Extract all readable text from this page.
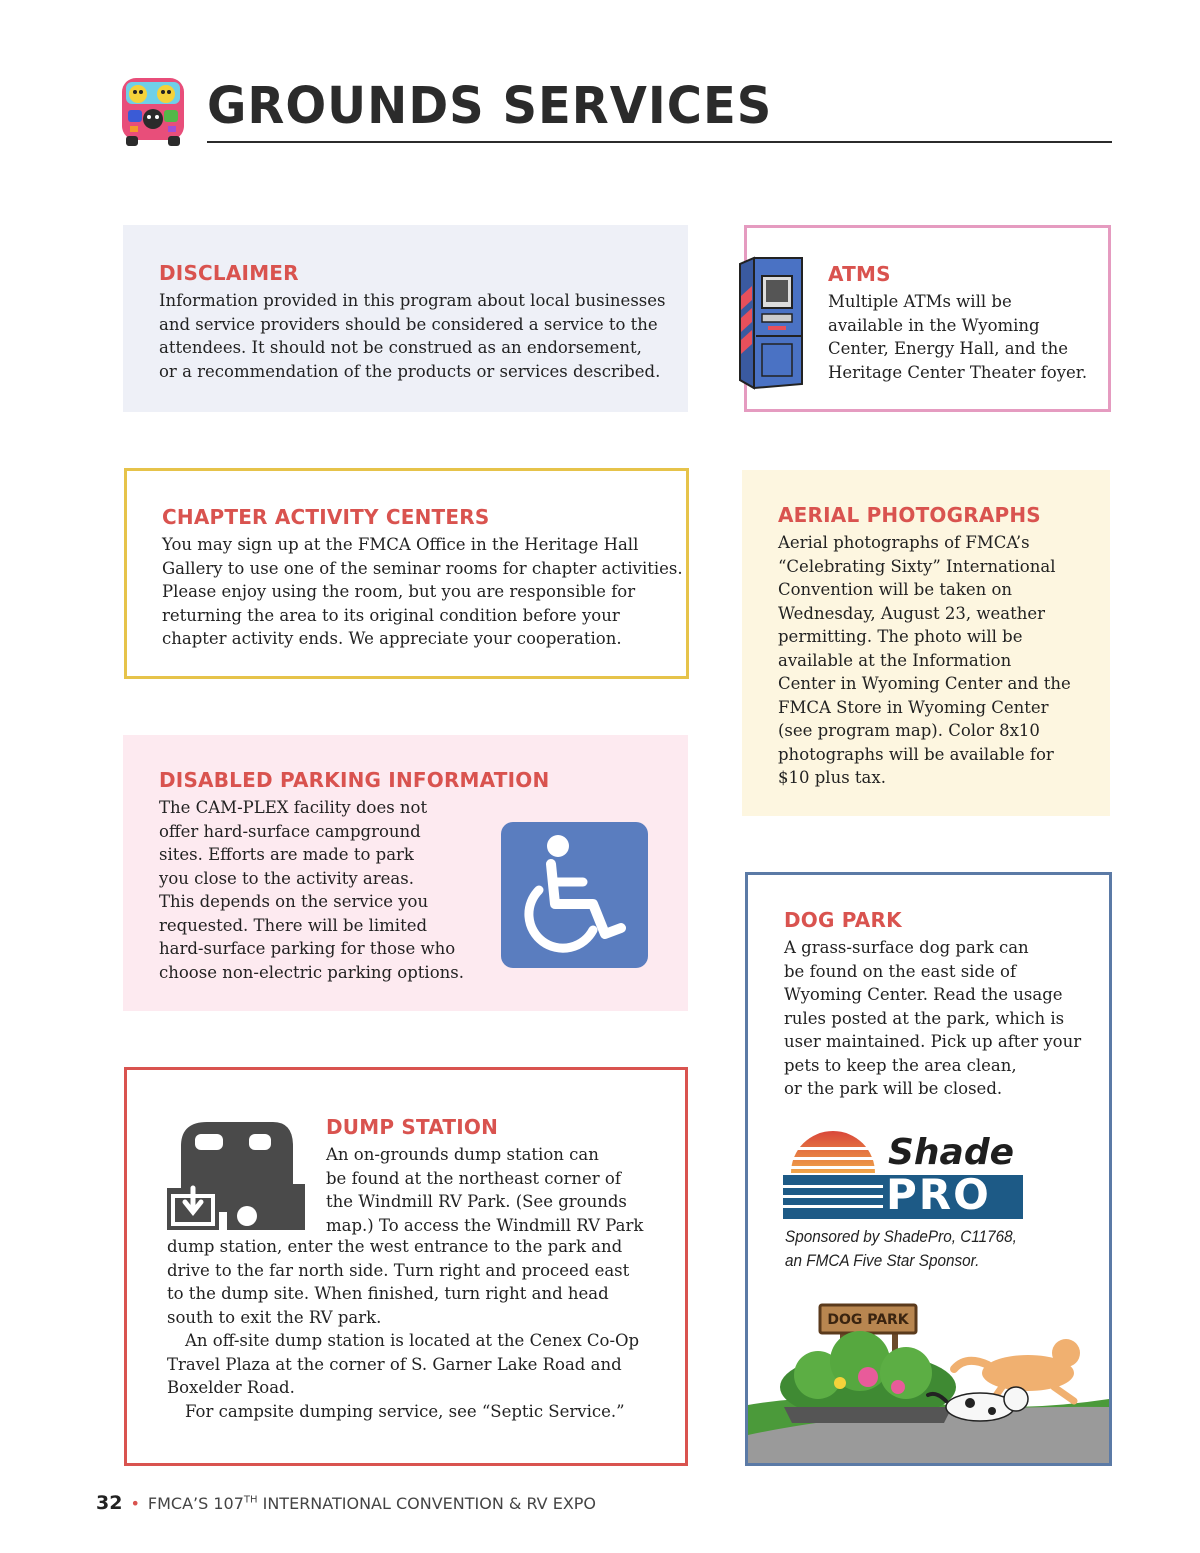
GROUNDS SERVICES
DISCLAIMER
Information provided in this program about local businesses
and service providers should be considered a service to the
attendees. It should not be construed as an endorsement,
or a recommendation of the products or services described.
ATMS
Multiple ATMs will be
available in the Wyoming
Center, Energy Hall, and the
Heritage Center Theater foyer.
CHAPTER ACTIVITY CENTERS
You may sign up at the FMCA Office in the Heritage Hall
Gallery to use one of the seminar rooms for chapter activities.
Please enjoy using the room, but you are responsible for
returning the area to its original condition before your
chapter activity ends. We appreciate your cooperation.
AERIAL PHOTOGRAPHS
Aerial photographs of FMCA’s
“Celebrating Sixty” International
Convention will be taken on
Wednesday, August 23, weather
permitting. The photo will be
available at the Information
Center in Wyoming Center and the
FMCA Store in Wyoming Center
(see program map). Color 8x10
photographs will be available for
$10 plus tax.
DISABLED PARKING INFORMATION
The CAM-PLEX facility does not
offer hard-surface campground
sites. Efforts are made to park
you close to the activity areas.
This depends on the service you
requested. There will be limited
hard-surface parking for those who
choose non-electric parking options.
DUMP STATION
An on-grounds dump station can
be found at the northeast corner of
the Windmill RV Park. (See grounds
map.) To access the Windmill RV Park
dump station, enter the west entrance to the park and
drive to the far north side. Turn right and proceed east
to the dump site. When finished, turn right and head
south to exit the RV park.
An off-site dump station is located at the Cenex Co-Op
Travel Plaza at the corner of S. Garner Lake Road and
Boxelder Road.
For campsite dumping service, see “Septic Service.”
DOG PARK
A grass-surface dog park can
be found on the east side of
Wyoming Center. Read the usage
rules posted at the park, which is
user maintained. Pick up after your
pets to keep the area clean,
or the park will be closed.
Shade
PRO
Sponsored by ShadePro, C11768,
an FMCA Five Star Sponsor.
DOG PARK
32 • FMCA’S 107TH INTERNATIONAL CONVENTION & RV EXPO
